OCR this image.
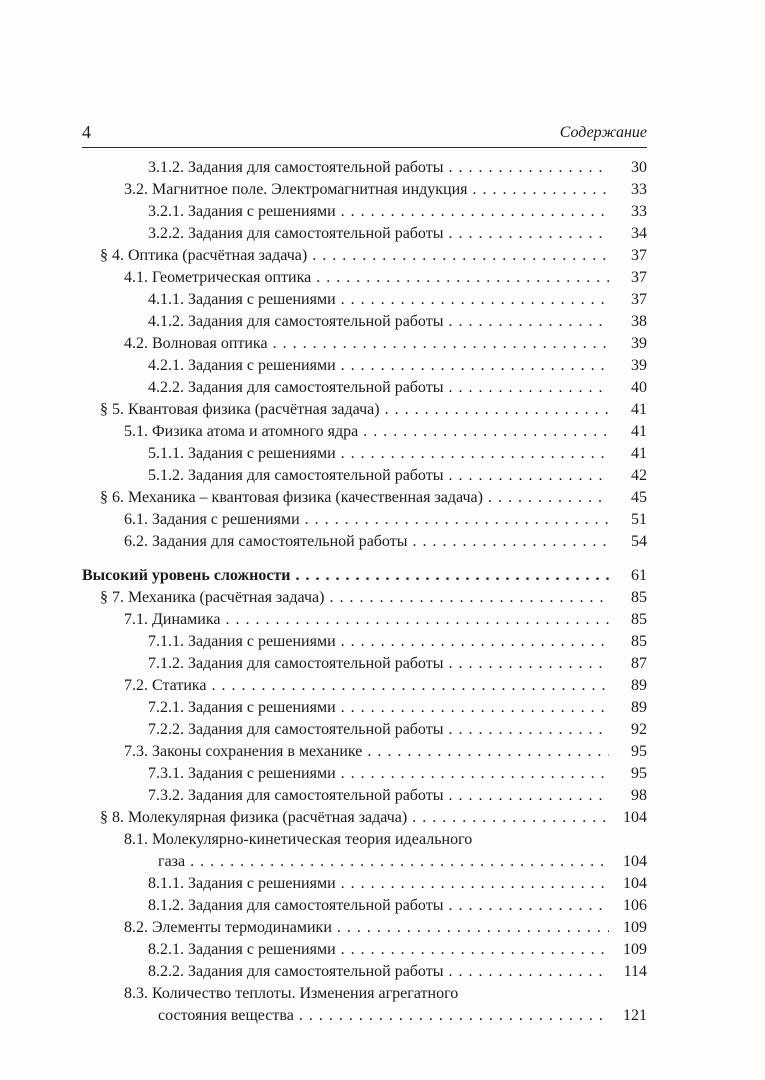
4	Содержание
3.1.2. Задания для самостоятельной работы . . .	30
3.2. Магнитное поле. Электромагнитная индукция . . .	33
3.2.1. Задания с решениями . . .	33
3.2.2. Задания для самостоятельной работы . . .	34
§ 4. Оптика (расчётная задача) . . .	37
4.1. Геометрическая оптика . . .	37
4.1.1. Задания с решениями . . .	37
4.1.2. Задания для самостоятельной работы . . .	38
4.2. Волновая оптика . . .	39
4.2.1. Задания с решениями . . .	39
4.2.2. Задания для самостоятельной работы . . .	40
§ 5. Квантовая физика (расчётная задача) . . .	41
5.1. Физика атома и атомного ядра . . .	41
5.1.1. Задания с решениями . . .	41
5.1.2. Задания для самостоятельной работы . . .	42
§ 6. Механика – квантовая физика (качественная задача) . . .	45
6.1. Задания с решениями . . .	51
6.2. Задания для самостоятельной работы . . .	54
Высокий уровень сложности . . .	61
§ 7. Механика (расчётная задача) . . .	85
7.1. Динамика . . .	85
7.1.1. Задания с решениями . . .	85
7.1.2. Задания для самостоятельной работы . . .	87
7.2. Статика . . .	89
7.2.1. Задания с решениями . . .	89
7.2.2. Задания для самостоятельной работы . . .	92
7.3. Законы сохранения в механике . . .	95
7.3.1. Задания с решениями . . .	95
7.3.2. Задания для самостоятельной работы . . .	98
§ 8. Молекулярная физика (расчётная задача) . . .	104
8.1. Молекулярно-кинетическая теория идеального
газа . . .	104
8.1.1. Задания с решениями . . .	104
8.1.2. Задания для самостоятельной работы . . .	106
8.2. Элементы термодинамики . . .	109
8.2.1. Задания с решениями . . .	109
8.2.2. Задания для самостоятельной работы . . .	114
8.3. Количество теплоты. Изменения агрегатного
состояния вещества . . .	121
